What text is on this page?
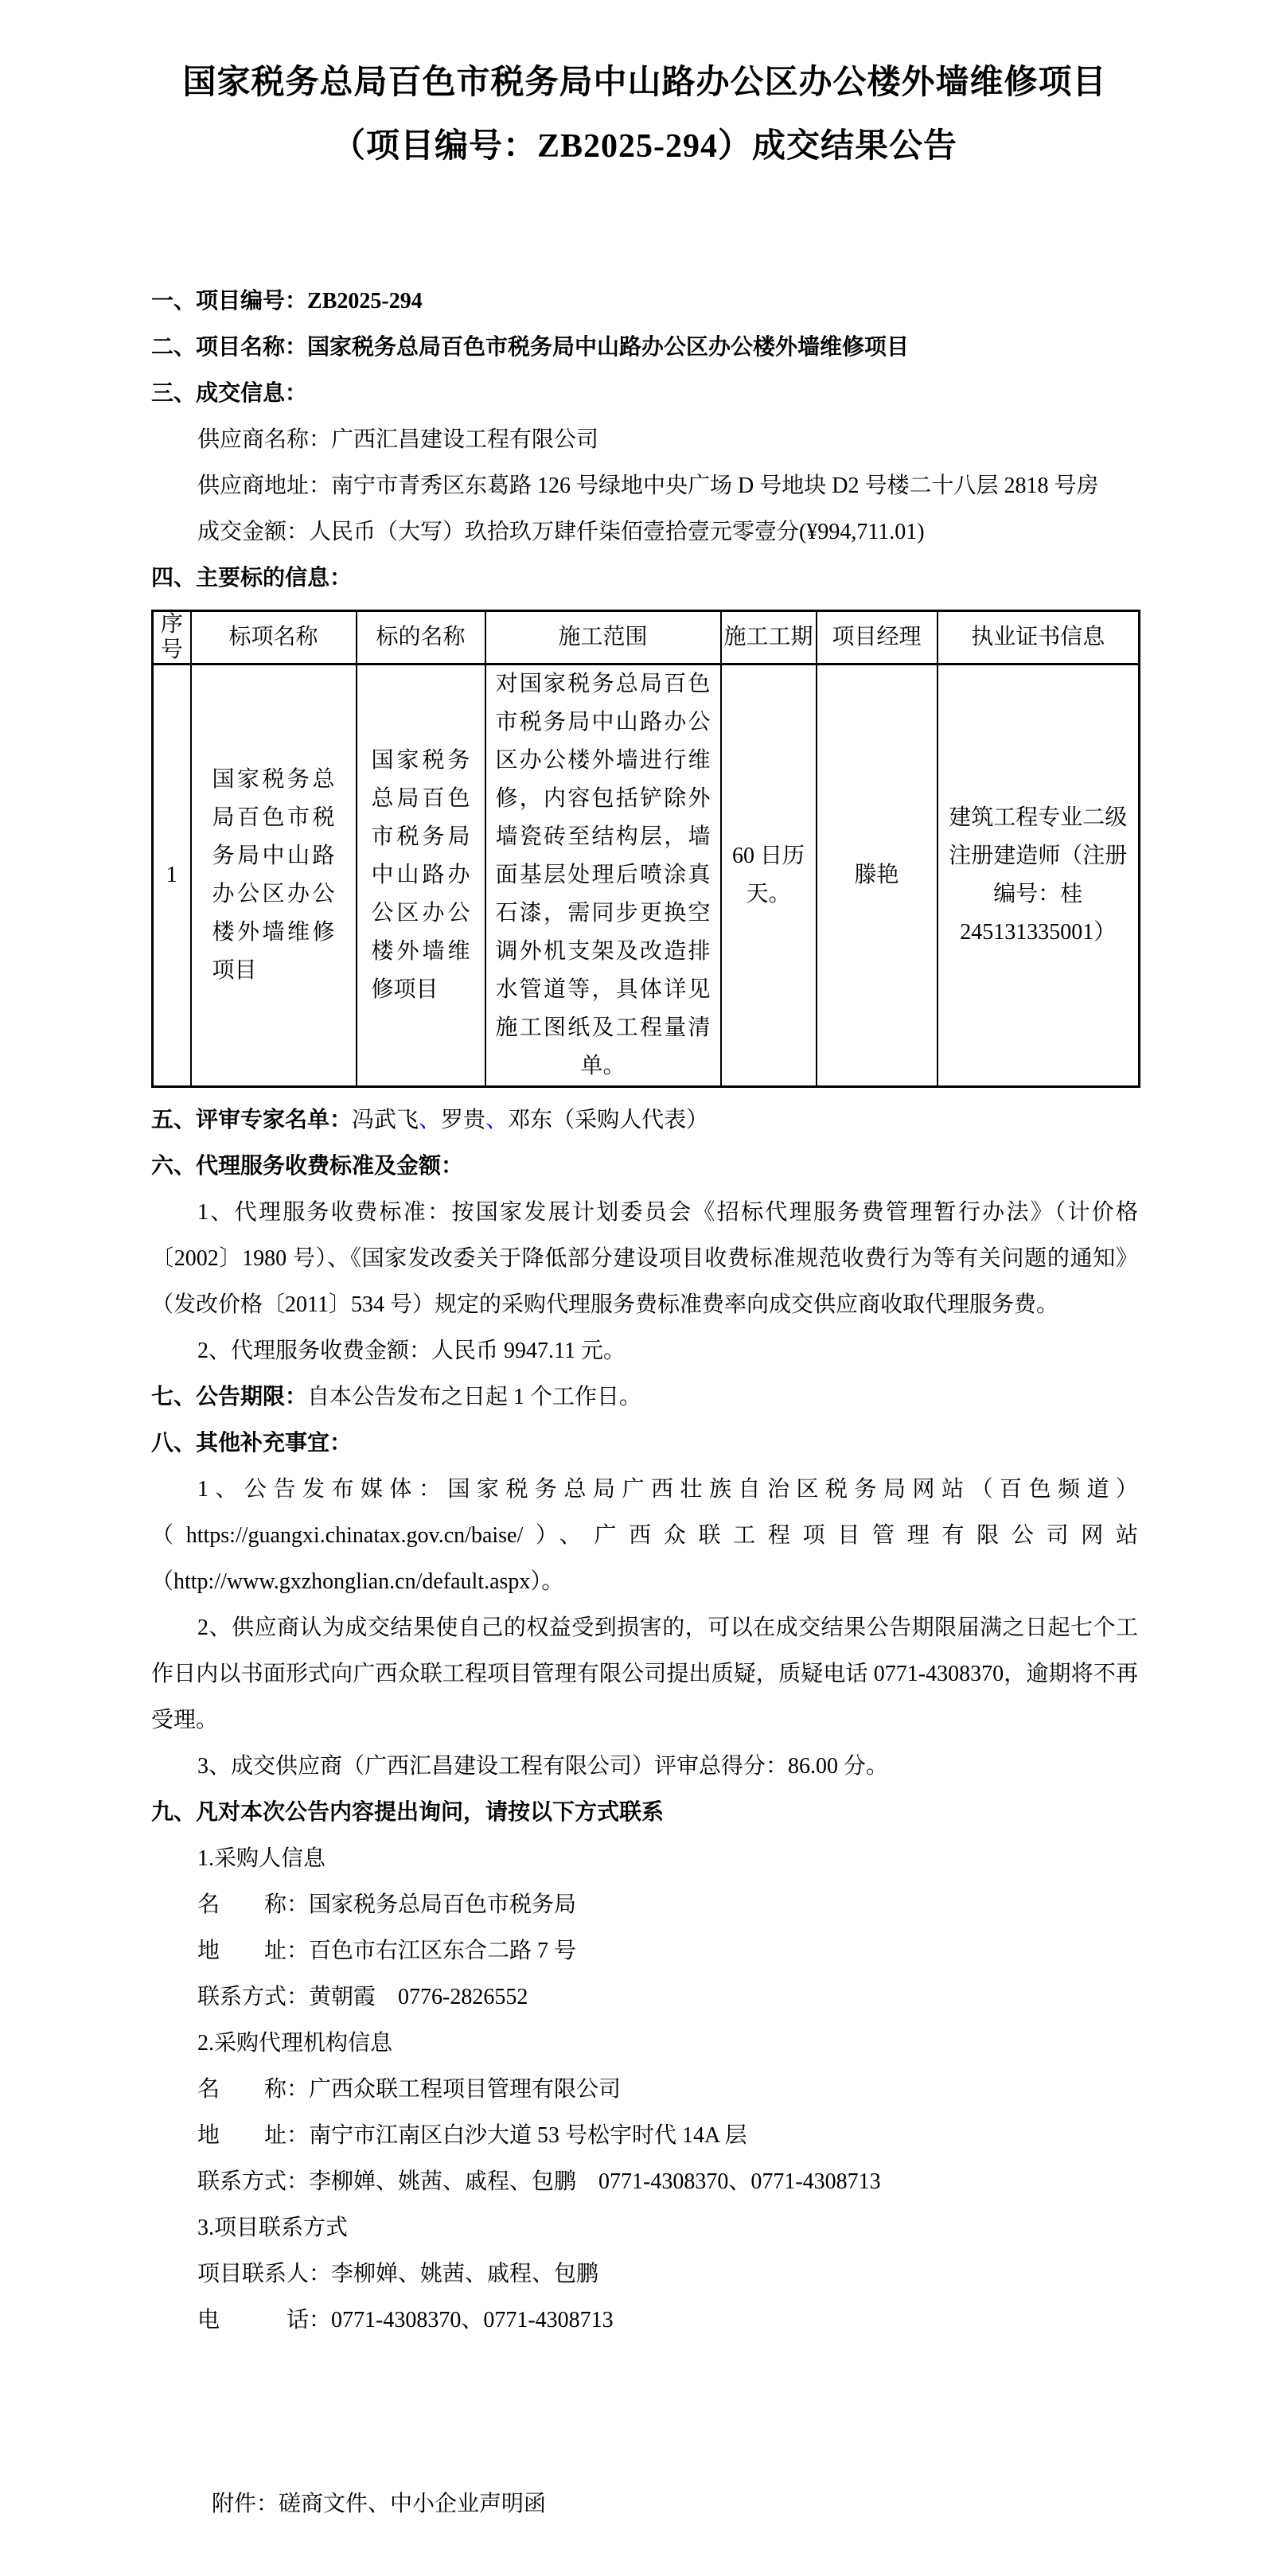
国家税务总局百色市税务局中山路办公区办公楼外墙维修项目
（项目编号：ZB2025-294）成交结果公告
一、项目编号：ZB2025-294
二、项目名称：国家税务总局百色市税务局中山路办公区办公楼外墙维修项目
三、成交信息：
供应商名称：广西汇昌建设工程有限公司
供应商地址：南宁市青秀区东葛路 126 号绿地中央广场 D 号地块 D2 号楼二十八层 2818 号房
成交金额：人民币（大写）玖拾玖万肆仟柒佰壹拾壹元零壹分(¥994,711.01)
四、主要标的信息：
序号	标项名称	标的名称	施工范围	施工工期	项目经理	执业证书信息
1	国家税务总局百色市税务局中山路办公区办公楼外墙维修项目	国家税务总局百色市税务局中山路办公区办公楼外墙维修项目	对国家税务总局百色市税务局中山路办公区办公楼外墙进行维修，内容包括铲除外墙瓷砖至结构层，墙面基层处理后喷涂真石漆，需同步更换空调外机支架及改造排水管道等，具体详见施工图纸及工程量清单。	60 日历天。	滕艳	建筑工程专业二级注册建造师（注册编号：桂245131335001）
五、评审专家名单：冯武飞、罗贵、邓东（采购人代表）
六、代理服务收费标准及金额：
1、代理服务收费标准：按国家发展计划委员会《招标代理服务费管理暂行办法》（计价格〔2002〕1980 号）、《国家发改委关于降低部分建设项目收费标准规范收费行为等有关问题的通知》（发改价格〔2011〕534 号）规定的采购代理服务费标准费率向成交供应商收取代理服务费。
2、代理服务收费金额：人民币 9947.11 元。
七、公告期限：自本公告发布之日起 1 个工作日。
八、其他补充事宜：
1、公告发布媒体：国家税务总局广西壮族自治区税务局网站（百色频道）（https://guangxi.chinatax.gov.cn/baise/）、广西众联工程项目管理有限公司网站（http://www.gxzhonglian.cn/default.aspx）。
2、供应商认为成交结果使自己的权益受到损害的，可以在成交结果公告期限届满之日起七个工作日内以书面形式向广西众联工程项目管理有限公司提出质疑，质疑电话 0771-4308370，逾期将不再受理。
3、成交供应商（广西汇昌建设工程有限公司）评审总得分：86.00 分。
九、凡对本次公告内容提出询问，请按以下方式联系
1.采购人信息
名　　称：国家税务总局百色市税务局
地　　址：百色市右江区东合二路 7 号
联系方式：黄朝霞　0776-2826552
2.采购代理机构信息
名　　称：广西众联工程项目管理有限公司
地　　址：南宁市江南区白沙大道 53 号松宇时代 14A 层
联系方式：李柳婵、姚茜、戚程、包鹏　0771-4308370、0771-4308713
3.项目联系方式
项目联系人：李柳婵、姚茜、戚程、包鹏
电　　　话：0771-4308370、0771-4308713
附件：磋商文件、中小企业声明函
